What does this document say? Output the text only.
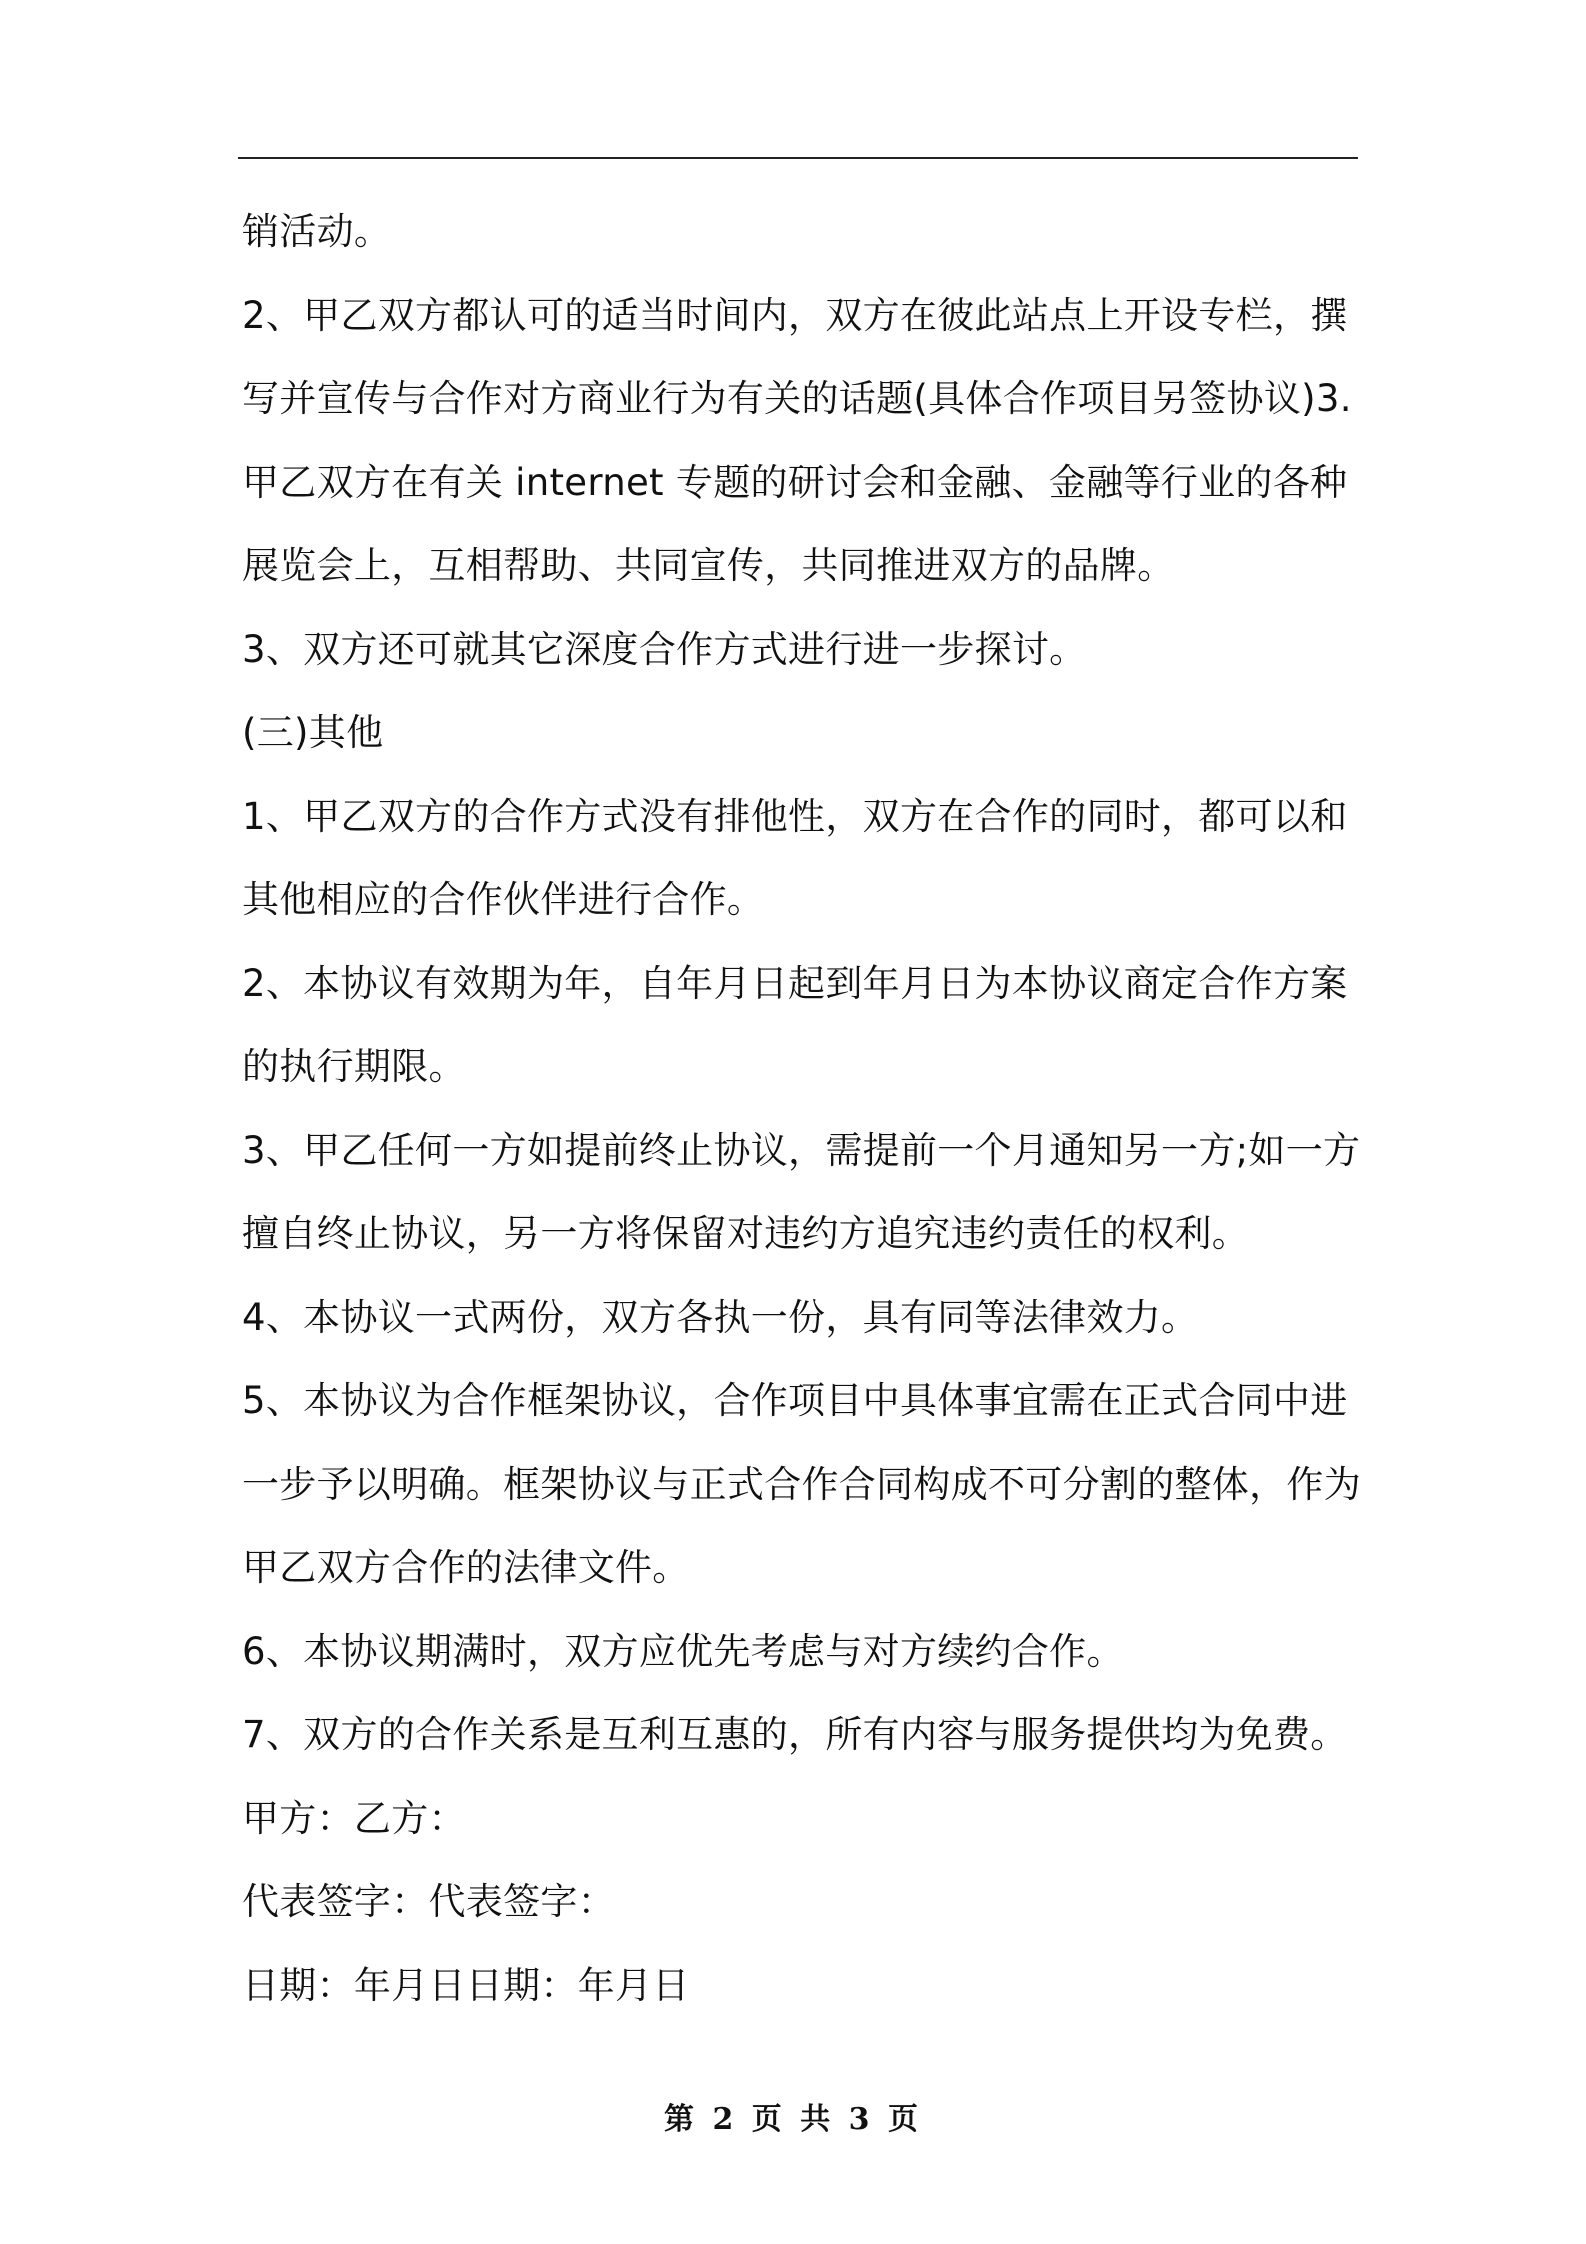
销活动。
2、甲乙双方都认可的适当时间内，双方在彼此站点上开设专栏，撰
写并宣传与合作对方商业行为有关的话题(具体合作项目另签协议)3.
甲乙双方在有关 internet 专题的研讨会和金融、金融等行业的各种
展览会上，互相帮助、共同宣传，共同推进双方的品牌。
3、双方还可就其它深度合作方式进行进一步探讨。
(三)其他
1、甲乙双方的合作方式没有排他性，双方在合作的同时，都可以和
其他相应的合作伙伴进行合作。
2、本协议有效期为年，自年月日起到年月日为本协议商定合作方案
的执行期限。
3、甲乙任何一方如提前终止协议，需提前一个月通知另一方;如一方
擅自终止协议，另一方将保留对违约方追究违约责任的权利。
4、本协议一式两份，双方各执一份，具有同等法律效力。
5、本协议为合作框架协议，合作项目中具体事宜需在正式合同中进
一步予以明确。框架协议与正式合作合同构成不可分割的整体，作为
甲乙双方合作的法律文件。
6、本协议期满时，双方应优先考虑与对方续约合作。
7、双方的合作关系是互利互惠的，所有内容与服务提供均为免费。
甲方：乙方：
代表签字：代表签字：
日期：年月日日期：年月日
第 2 页 共 3 页
